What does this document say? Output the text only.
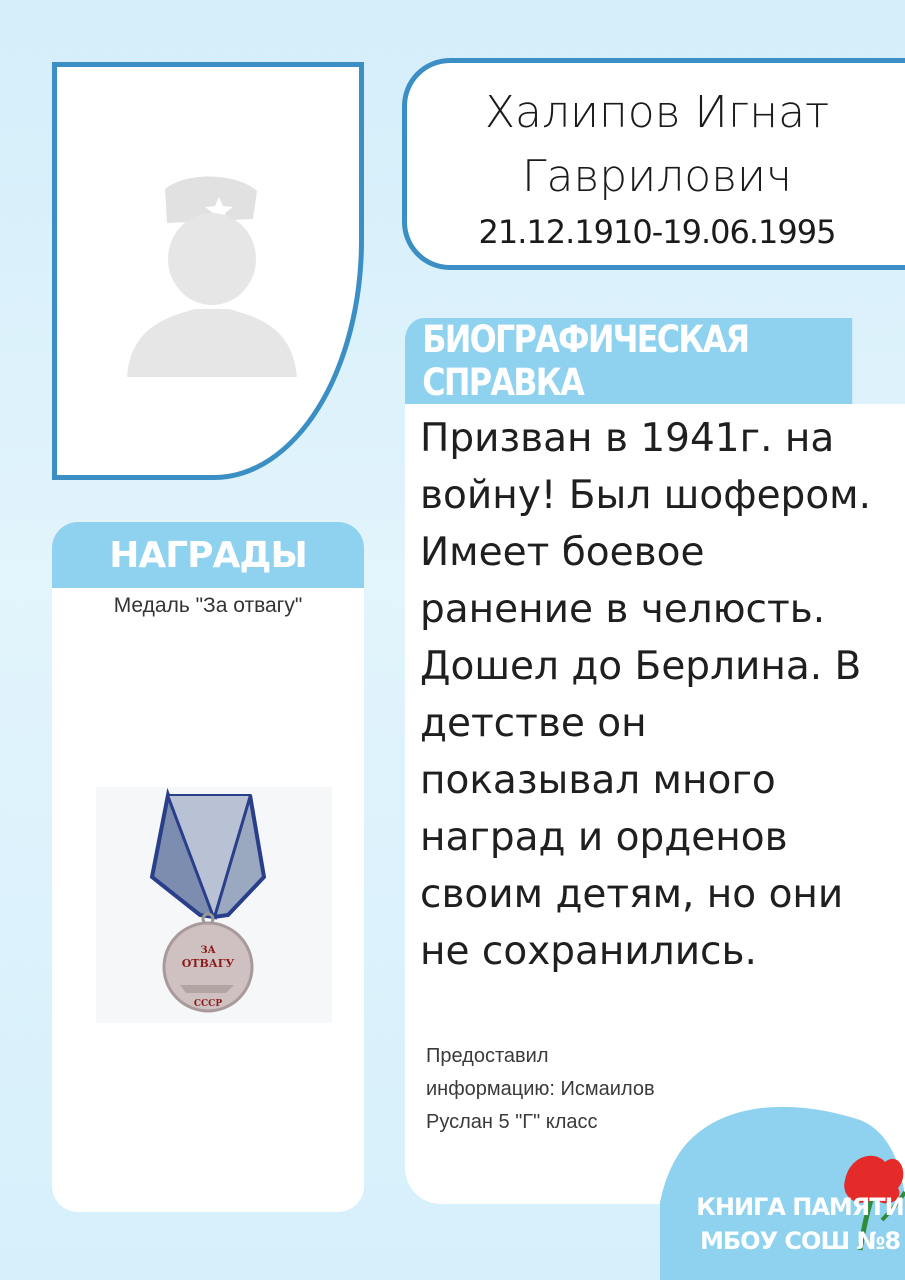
Халипов Игнат
Гаврилович
21.12.1910-19.06.1995
БИОГРАФИЧЕСКАЯ СПРАВКА
Призван в 1941г. на
войну! Был шофером.
Имеет боевое
ранение в челюсть.
Дошел до Берлина. В
детстве он
показывал много
наград и орденов
своим детям, но они
не сохранились.
Предоставил
информацию: Исмаилов
Руслан 5 "Г" класс
НАГРАДЫ
Медаль "За отвагу"
ЗА
ОТВАГУ
СССР
КНИГА ПАМЯТИ
МБОУ СОШ №8
